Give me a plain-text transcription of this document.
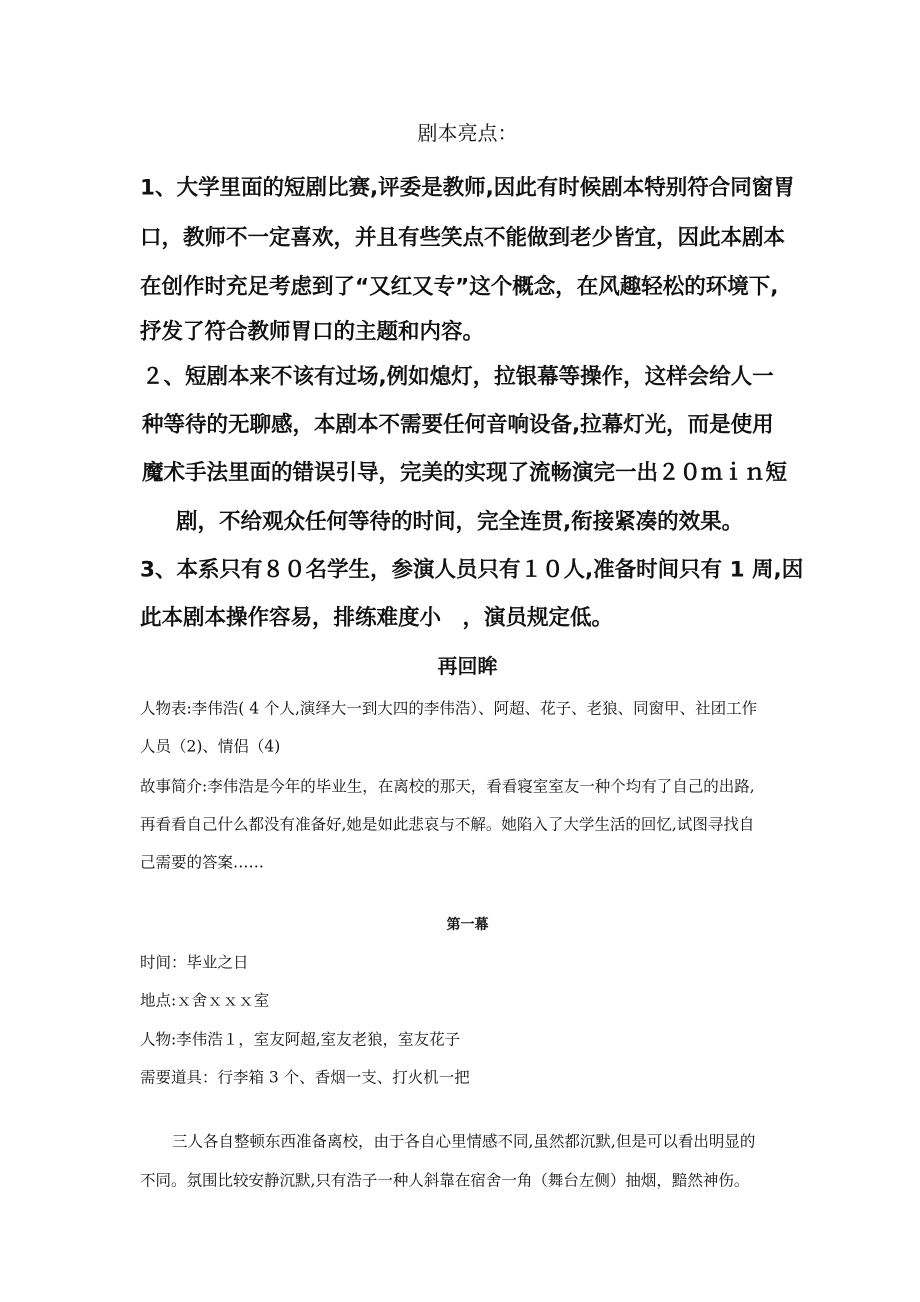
剧本亮点：
1、大学里面的短剧比赛,评委是教师,因此有时候剧本特别符合同窗胃
口，教师不一定喜欢，并且有些笑点不能做到老少皆宜，因此本剧本
在创作时充足考虑到了“又红又专”这个概念，在风趣轻松的环境下,
抒发了符合教师胃口的主题和内容。
２、短剧本来不该有过场,例如熄灯，拉银幕等操作，这样会给人一
种等待的无聊感，本剧本不需要任何音响设备,拉幕灯光，而是使用
魔术手法里面的错误引导，完美的实现了流畅演完一出２０ｍｉｎ短
剧，不给观众任何等待的时间，完全连贯,衔接紧凑的效果。
3、本系只有８０名学生，参演人员只有１０人,准备时间只有 1 周,因
此本剧本操作容易，排练难度小　，演员规定低。
再回眸
人物表:李伟浩( 4 个人,演绎大一到大四的李伟浩）、阿超、花子、老狼、同窗甲、社团工作
人员（2)、情侣（4)
故事简介:李伟浩是今年的毕业生，在离校的那天，看看寝室室友一种个均有了自己的出路,
再看看自己什么都没有准备好,她是如此悲哀与不解。她陷入了大学生活的回忆,试图寻找自
己需要的答案……
第一幕
时间：毕业之日
地点:ｘ舍ｘｘｘ室
人物:李伟浩１，室友阿超,室友老狼，室友花子
需要道具：行李箱 3 个、香烟一支、打火机一把
三人各自整顿东西准备离校，由于各自心里情感不同,虽然都沉默,但是可以看出明显的
不同。氛围比较安静沉默,只有浩子一种人斜靠在宿舍一角（舞台左侧）抽烟，黯然神伤。
